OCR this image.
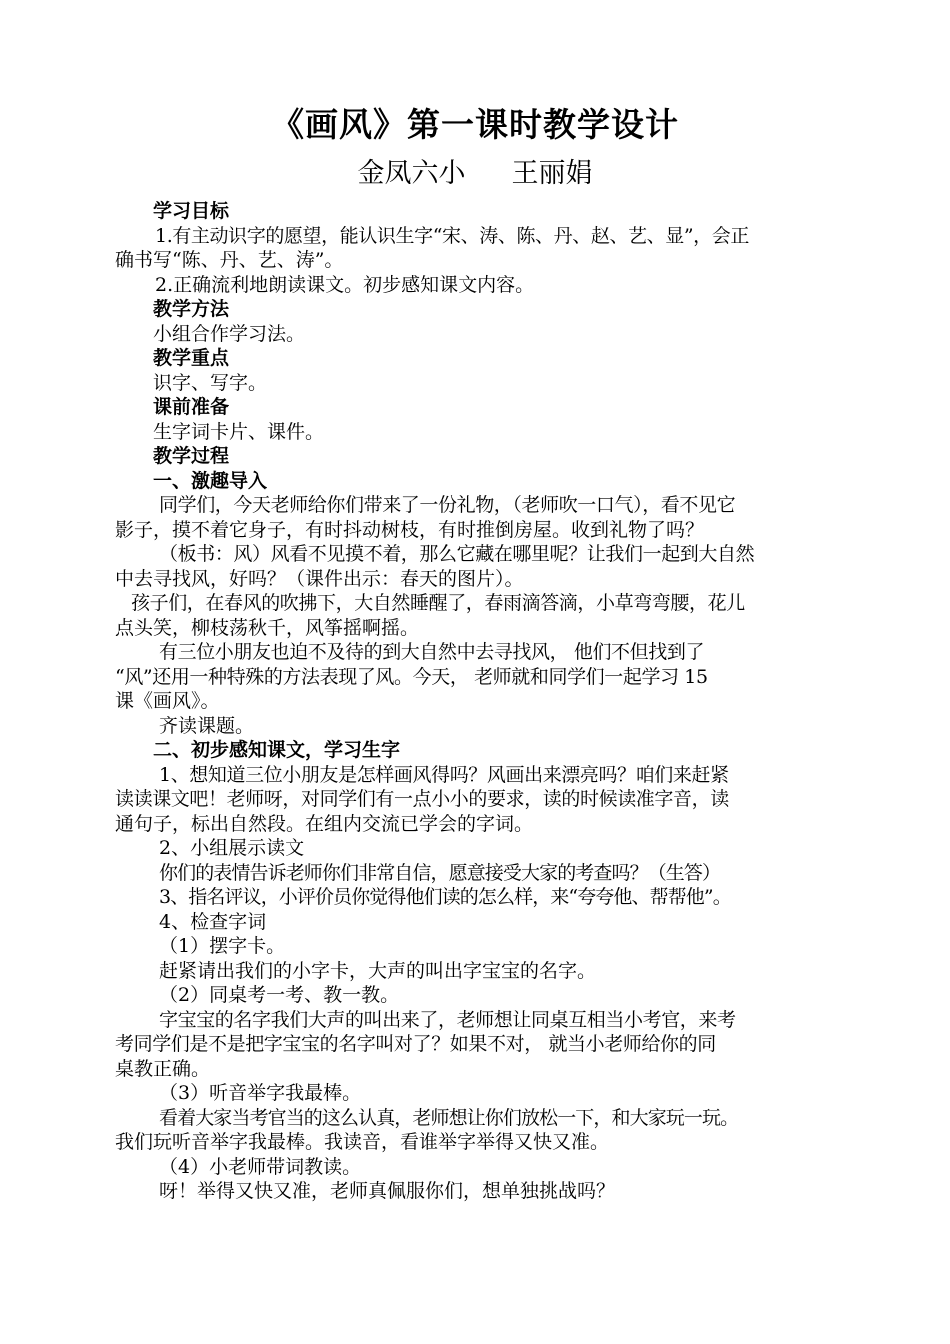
《画风》第一课时教学设计
金凤六小 王丽娟

学习目标

1.有主动识字的愿望，能认识生字“宋、涛、陈、丹、赵、艺、显”，会正

确书写“陈、丹、艺、涛”。

2.正确流利地朗读课文。初步感知课文内容。

教学方法

小组合作学习法。

教学重点

识字、写字。

课前准备

生字词卡片、课件。

教学过程

一、激趣导入

同学们，今天老师给你们带来了一份礼物，（老师吹一口气），看不见它

影子，摸不着它身子，有时抖动树枝，有时推倒房屋。收到礼物了吗？

（板书：风）风看不见摸不着，那么它藏在哪里呢？让我们一起到大自然

中去寻找风，好吗？（课件出示：春天的图片）。

孩子们，在春风的吹拂下，大自然睡醒了，春雨滴答滴，小草弯弯腰，花儿

点头笑，柳枝荡秋千，风筝摇啊摇。

有三位小朋友也迫不及待的到大自然中去寻找风， 他们不但找到了

“风”还用一种特殊的方法表现了风。今天， 老师就和同学们一起学习 15

课《画风》。

齐读课题。

二、初步感知课文，学习生字

1、想知道三位小朋友是怎样画风得吗？风画出来漂亮吗？咱们来赶紧

读读课文吧！老师呀，对同学们有一点小小的要求，读的时候读准字音，读

通句子，标出自然段。在组内交流已学会的字词。

2、小组展示读文

你们的表情告诉老师你们非常自信，愿意接受大家的考查吗？（生答）

3、指名评议，小评价员你觉得他们读的怎么样，来“夸夸他、帮帮他”。

4、检查字词

（1）摆字卡。

赶紧请出我们的小字卡，大声的叫出字宝宝的名字。

（2）同桌考一考、教一教。

字宝宝的名字我们大声的叫出来了，老师想让同桌互相当小考官，来考

考同学们是不是把字宝宝的名字叫对了？如果不对， 就当小老师给你的同

桌教正确。

（3）听音举字我最棒。

看着大家当考官当的这么认真，老师想让你们放松一下，和大家玩一玩。

我们玩听音举字我最棒。我读音，看谁举字举得又快又准。

（4）小老师带词教读。

呀！举得又快又准，老师真佩服你们，想单独挑战吗？
